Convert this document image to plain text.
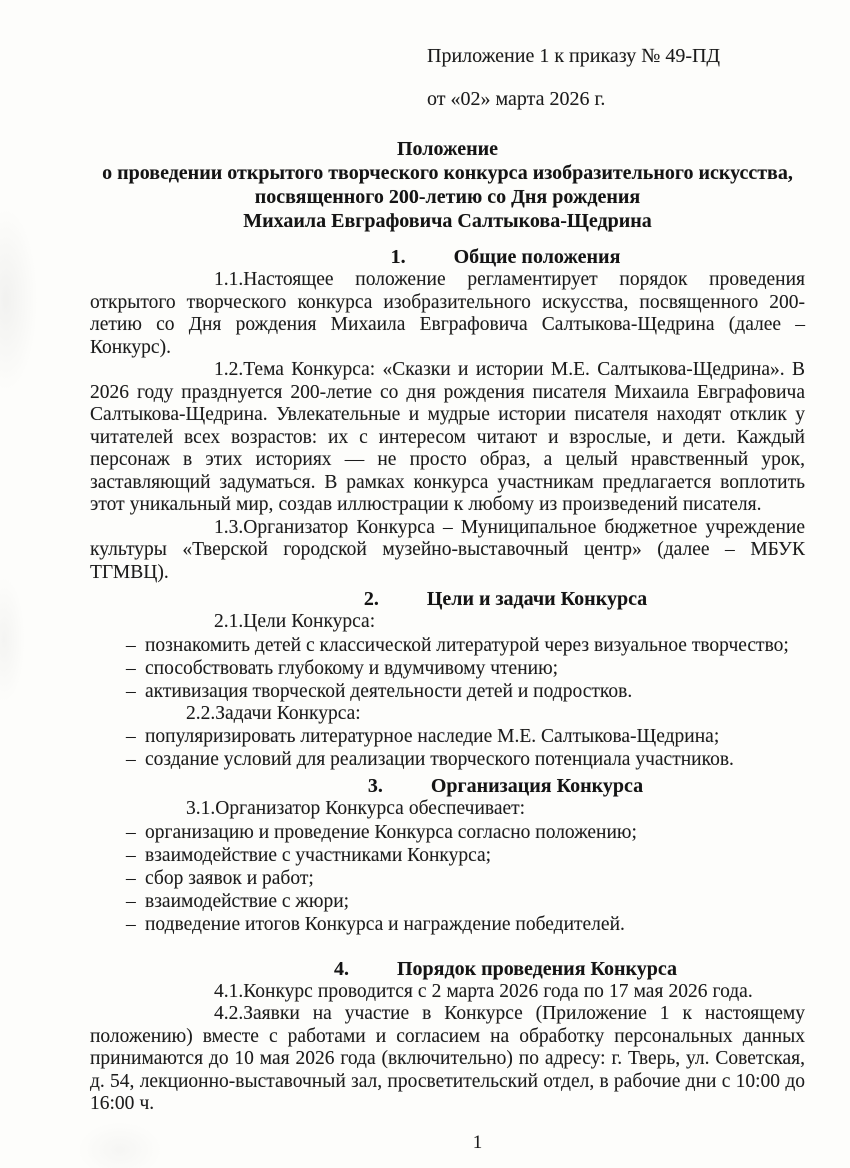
Приложение 1 к приказу № 49-ПД
от «02» марта 2026 г.
Положение
о проведении открытого творческого конкурса изобразительного искусства,
посвященного 200-летию со Дня рождения
Михаила Евграфовича Салтыкова-Щедрина
1. Общие положения

1.1.Настоящее положение регламентирует порядок проведения открытого творческого конкурса изобразительного искусства, посвященного 200-летию со Дня рождения Михаила Евграфовича Салтыкова-Щедрина (далее – Конкурс).

1.2.Тема Конкурса: «Сказки и истории М.Е. Салтыкова-Щедрина». В 2026 году празднуется 200-летие со дня рождения писателя Михаила Евграфовича Салтыкова-Щедрина. Увлекательные и мудрые истории писателя находят отклик у читателей всех возрастов: их с интересом читают и взрослые, и дети. Каждый персонаж в этих историях — не просто образ, а целый нравственный урок, заставляющий задуматься. В рамках конкурса участникам предлагается воплотить этот уникальный мир, создав иллюстрации к любому из произведений писателя.

1.3.Организатор Конкурса – Муниципальное бюджетное учреждение культуры «Тверской городской музейно-выставочный центр» (далее – МБУК ТГМВЦ).

2. Цели и задачи Конкурса

2.1.Цели Конкурса:

– познакомить детей с классической литературой через визуальное творчество;
– способствовать глубокому и вдумчивому чтению;
– активизация творческой деятельности детей и подростков.

2.2.Задачи Конкурса:

– популяризировать литературное наследие М.Е. Салтыкова-Щедрина;
– создание условий для реализации творческого потенциала участников.
3. Организация Конкурса

3.1.Организатор Конкурса обеспечивает:

– организацию и проведение Конкурса согласно положению;
– взаимодействие с участниками Конкурса;
– сбор заявок и работ;
– взаимодействие с жюри;
– подведение итогов Конкурса и награждение победителей.
4. Порядок проведения Конкурса

4.1.Конкурс проводится с 2 марта 2026 года по 17 мая 2026 года.

4.2.Заявки на участие в Конкурсе (Приложение 1 к настоящему положению) вместе с работами и согласием на обработку персональных данных принимаются до 10 мая 2026 года (включительно) по адресу: г. Тверь, ул. Советская, д. 54, лекционно-выставочный зал, просветительский отдел, в рабочие дни с 10:00 до 16:00 ч.

1
